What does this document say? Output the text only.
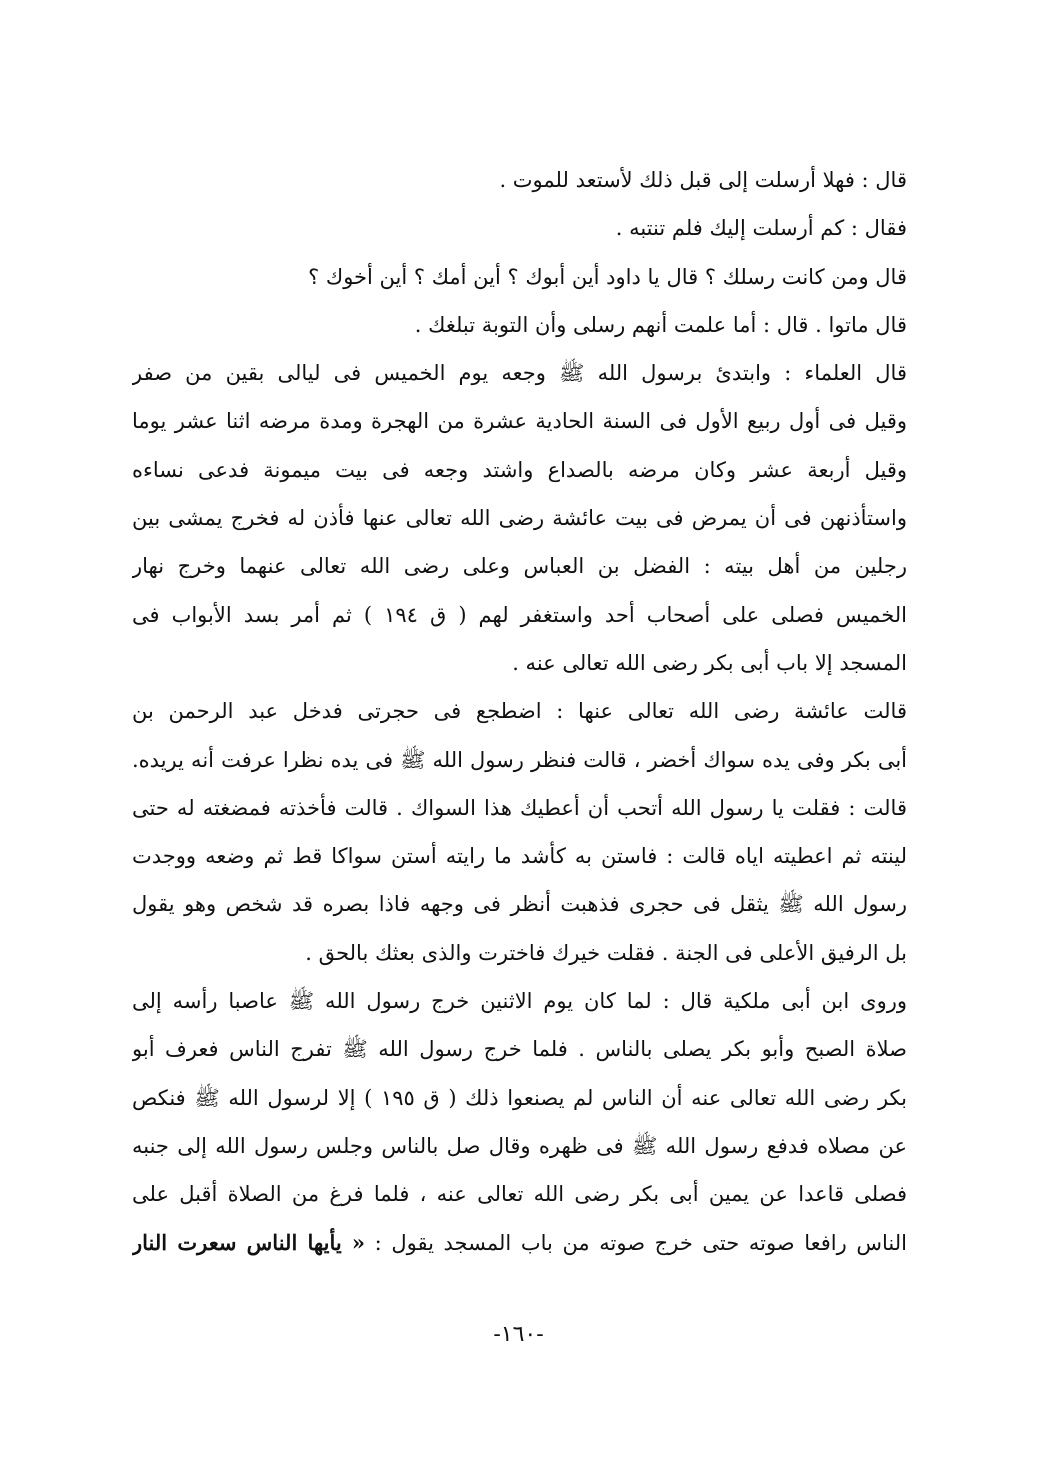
قال : فهلا أرسلت إلى قبل ذلك لأستعد للموت .
فقال : كم أرسلت إليك فلم تنتبه .
قال ومن كانت رسلك ؟ قال يا داود أين أبوك ؟ أين أمك ؟ أين أخوك ؟
قال ماتوا . قال : أما علمت أنهم رسلى وأن التوبة تبلغك .
قال العلماء : وابتدئ برسول الله ﷺ وجعه يوم الخميس فى ليالى بقين من صفر
وقيل فى أول ربيع الأول فى السنة الحادية عشرة من الهجرة ومدة مرضه اثنا عشر يوما
وقيل أربعة عشر وكان مرضه بالصداع واشتد وجعه فى بيت ميمونة فدعى نساءه
واستأذنهن فى أن يمرض فى بيت عائشة رضى الله تعالى عنها فأذن له فخرج يمشى بين
رجلين من أهل بيته : الفضل بن العباس وعلى رضى الله تعالى عنهما وخرج نهار
الخميس فصلى على أصحاب أحد واستغفر لهم ( ق ١٩٤ ) ثم أمر بسد الأبواب فى
المسجد إلا باب أبى بكر رضى الله تعالى عنه .
قالت عائشة رضى الله تعالى عنها : اضطجع فى حجرتى فدخل عبد الرحمن بن
أبى بكر وفى يده سواك أخضر ، قالت فنظر رسول الله ﷺ فى يده نظرا عرفت أنه يريده.
قالت : فقلت يا رسول الله أتحب أن أعطيك هذا السواك . قالت فأخذته فمضغته له حتى
لينته ثم اعطيته اياه قالت : فاستن به كأشد ما رايته أستن سواكا قط ثم وضعه ووجدت
رسول الله ﷺ يثقل فى حجرى فذهبت أنظر فى وجهه فاذا بصره قد شخص وهو يقول
بل الرفيق الأعلى فى الجنة . فقلت خيرك فاخترت والذى بعثك بالحق .
وروى ابن أبى ملكية قال : لما كان يوم الاثنين خرج رسول الله ﷺ عاصبا رأسه إلى
صلاة الصبح وأبو بكر يصلى بالناس . فلما خرج رسول الله ﷺ تفرج الناس فعرف أبو
بكر رضى الله تعالى عنه أن الناس لم يصنعوا ذلك ( ق ١٩٥ ) إلا لرسول الله ﷺ فنكص
عن مصلاه فدفع رسول الله ﷺ فى ظهره وقال صل بالناس وجلس رسول الله إلى جنبه
فصلى قاعدا عن يمين أبى بكر رضى الله تعالى عنه ، فلما فرغ من الصلاة أقبل على
الناس رافعا صوته حتى خرج صوته من باب المسجد يقول : « يأيها الناس سعرت النار
-١٦٠-
